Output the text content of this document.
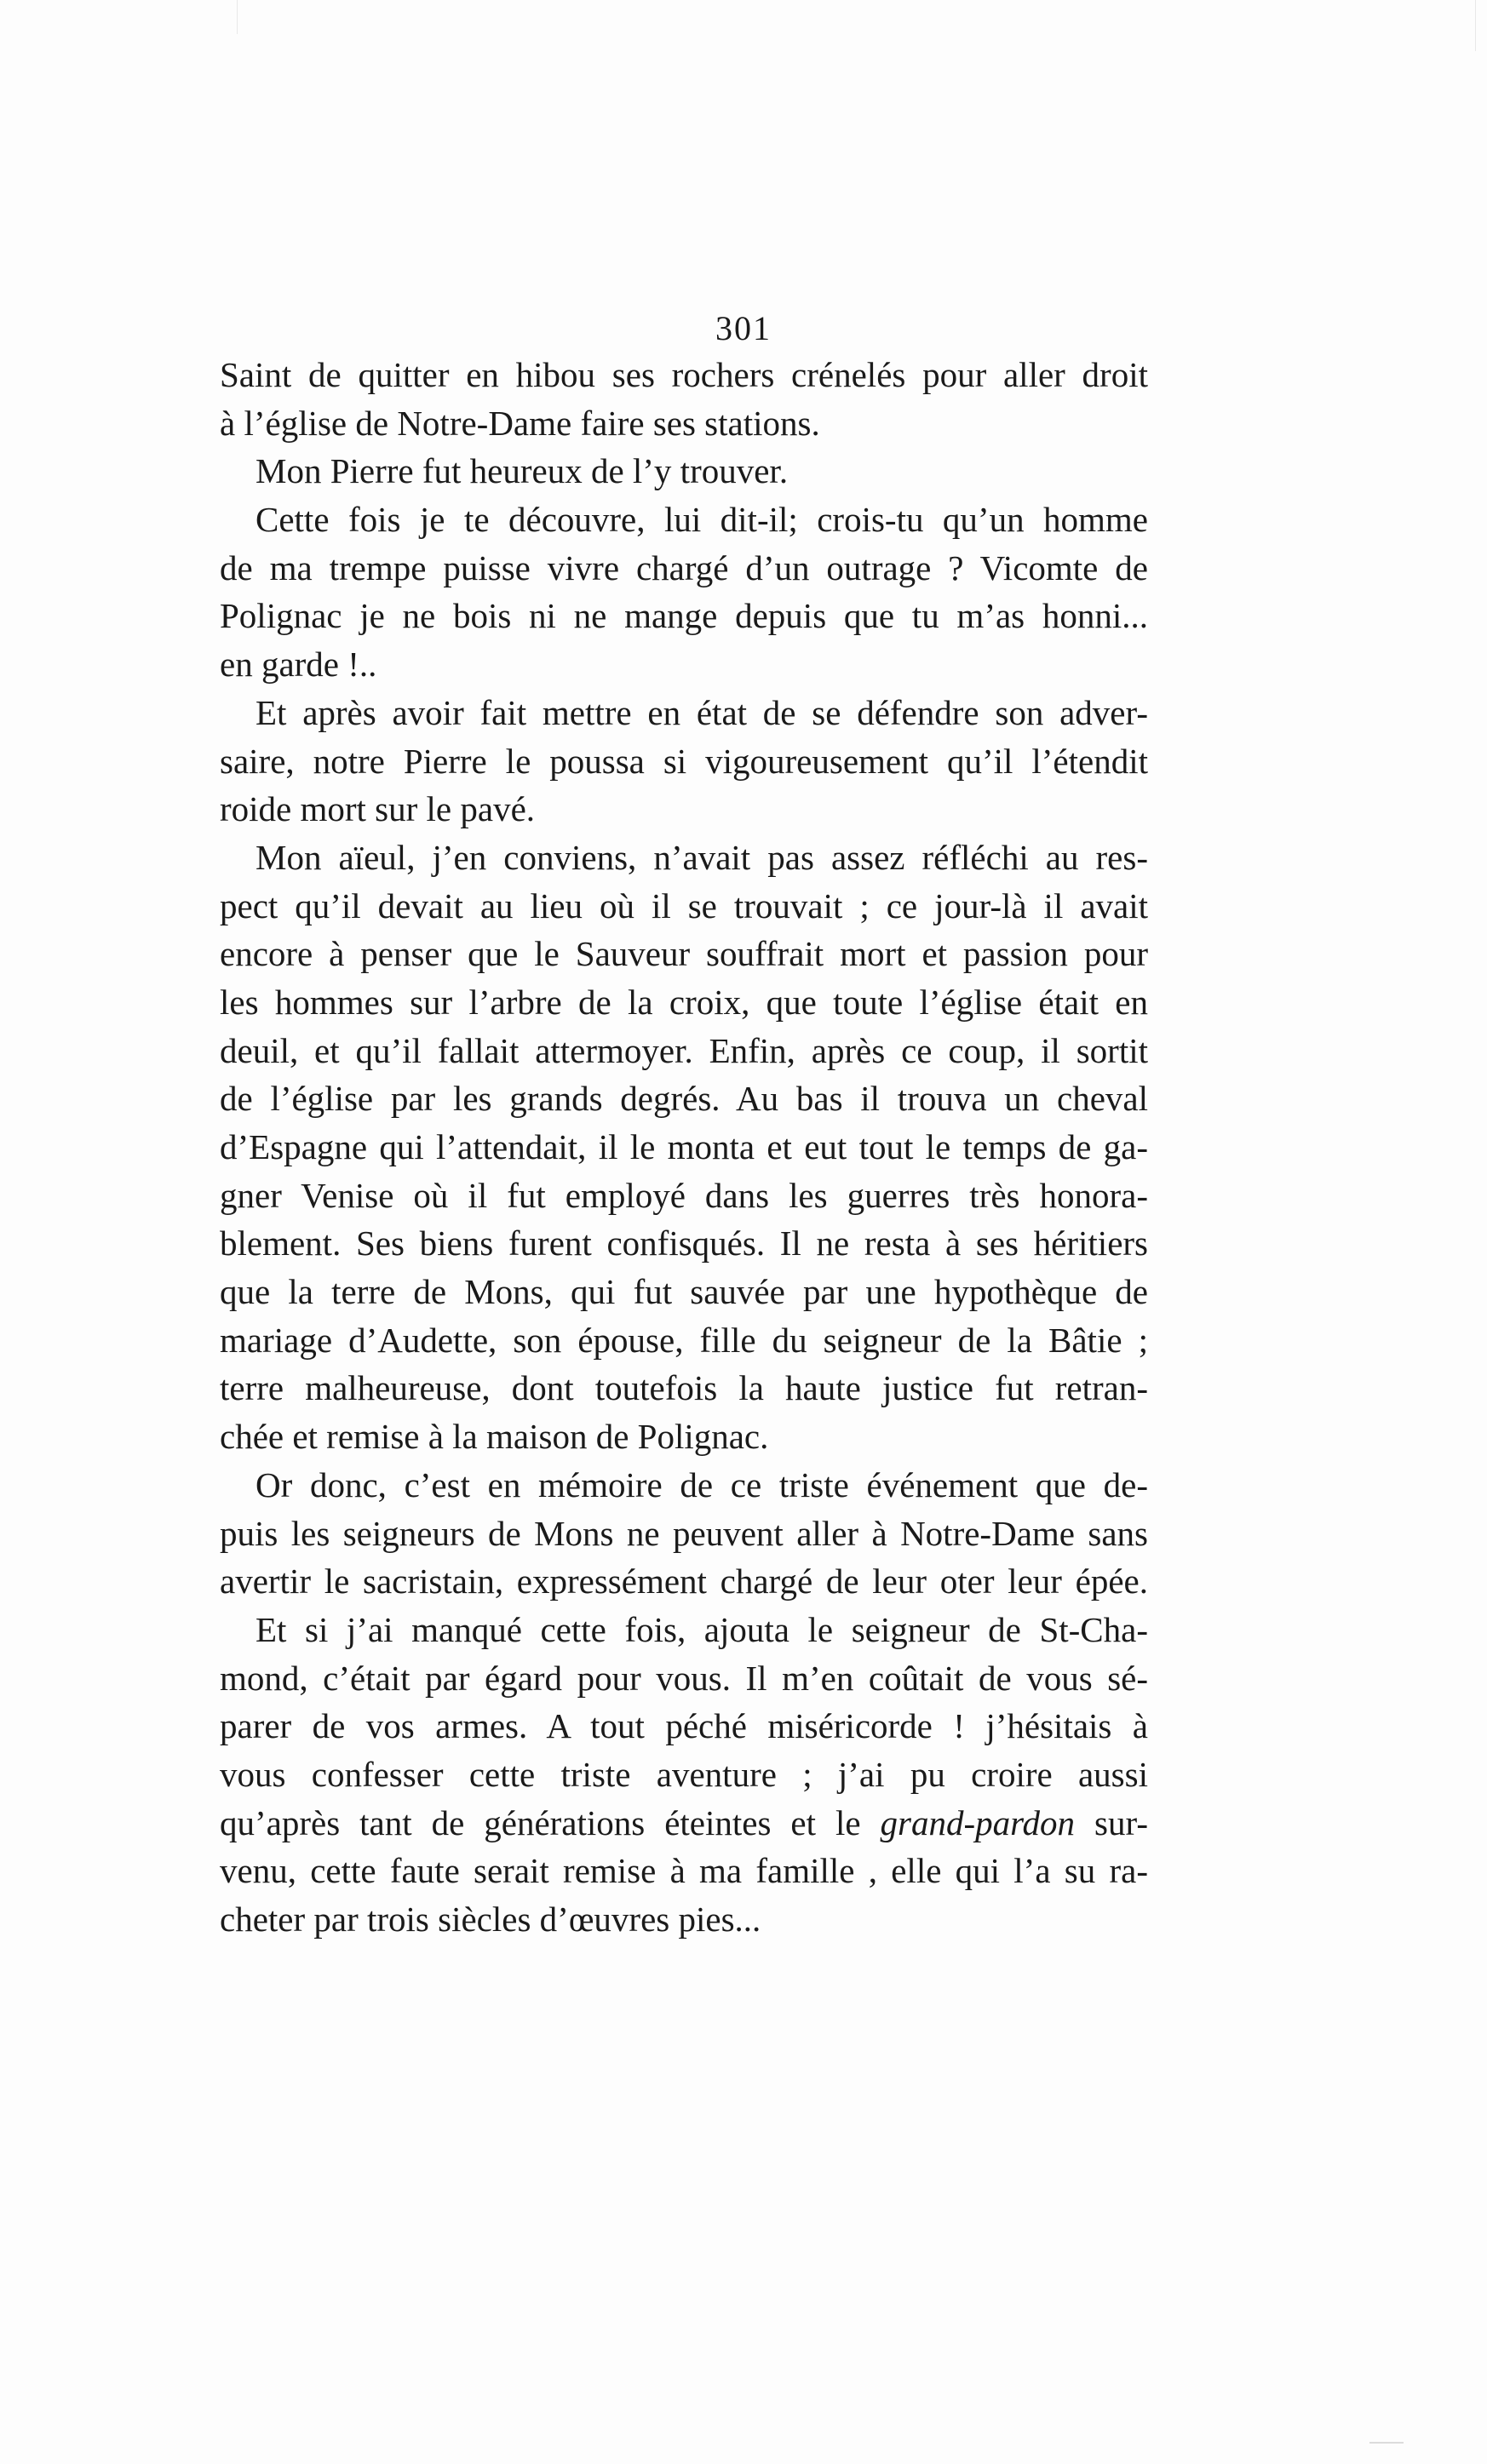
301
Saint de quitter en hibou ses rochers crénelés pour aller droit
à l’église de Notre-Dame faire ses stations.
Mon Pierre fut heureux de l’y trouver.
Cette fois je te découvre, lui dit-il; crois-tu qu’un homme
de ma trempe puisse vivre chargé d’un outrage ? Vicomte de
Polignac je ne bois ni ne mange depuis que tu m’as honni...
en garde !..
Et après avoir fait mettre en état de se défendre son adver-
saire, notre Pierre le poussa si vigoureusement qu’il l’étendit
roide mort sur le pavé.
Mon aïeul, j’en conviens, n’avait pas assez réfléchi au res-
pect qu’il devait au lieu où il se trouvait ; ce jour-là il avait
encore à penser que le Sauveur souffrait mort et passion pour
les hommes sur l’arbre de la croix, que toute l’église était en
deuil, et qu’il fallait attermoyer. Enfin, après ce coup, il sortit
de l’église par les grands degrés. Au bas il trouva un cheval
d’Espagne qui l’attendait, il le monta et eut tout le temps de ga-
gner Venise où il fut employé dans les guerres très honora-
blement. Ses biens furent confisqués. Il ne resta à ses héritiers
que la terre de Mons, qui fut sauvée par une hypothèque de
mariage d’Audette, son épouse, fille du seigneur de la Bâtie ;
terre malheureuse, dont toutefois la haute justice fut retran-
chée et remise à la maison de Polignac.
Or donc, c’est en mémoire de ce triste événement que de-
puis les seigneurs de Mons ne peuvent aller à Notre-Dame sans
avertir le sacristain, expressément chargé de leur oter leur épée.
Et si j’ai manqué cette fois, ajouta le seigneur de St-Cha-
mond, c’était par égard pour vous. Il m’en coûtait de vous sé-
parer de vos armes. A tout péché miséricorde ! j’hésitais à
vous confesser cette triste aventure ; j’ai pu croire aussi
qu’après tant de générations éteintes et le grand-pardon sur-
venu, cette faute serait remise à ma famille , elle qui l’a su ra-
cheter par trois siècles d’œuvres pies...
